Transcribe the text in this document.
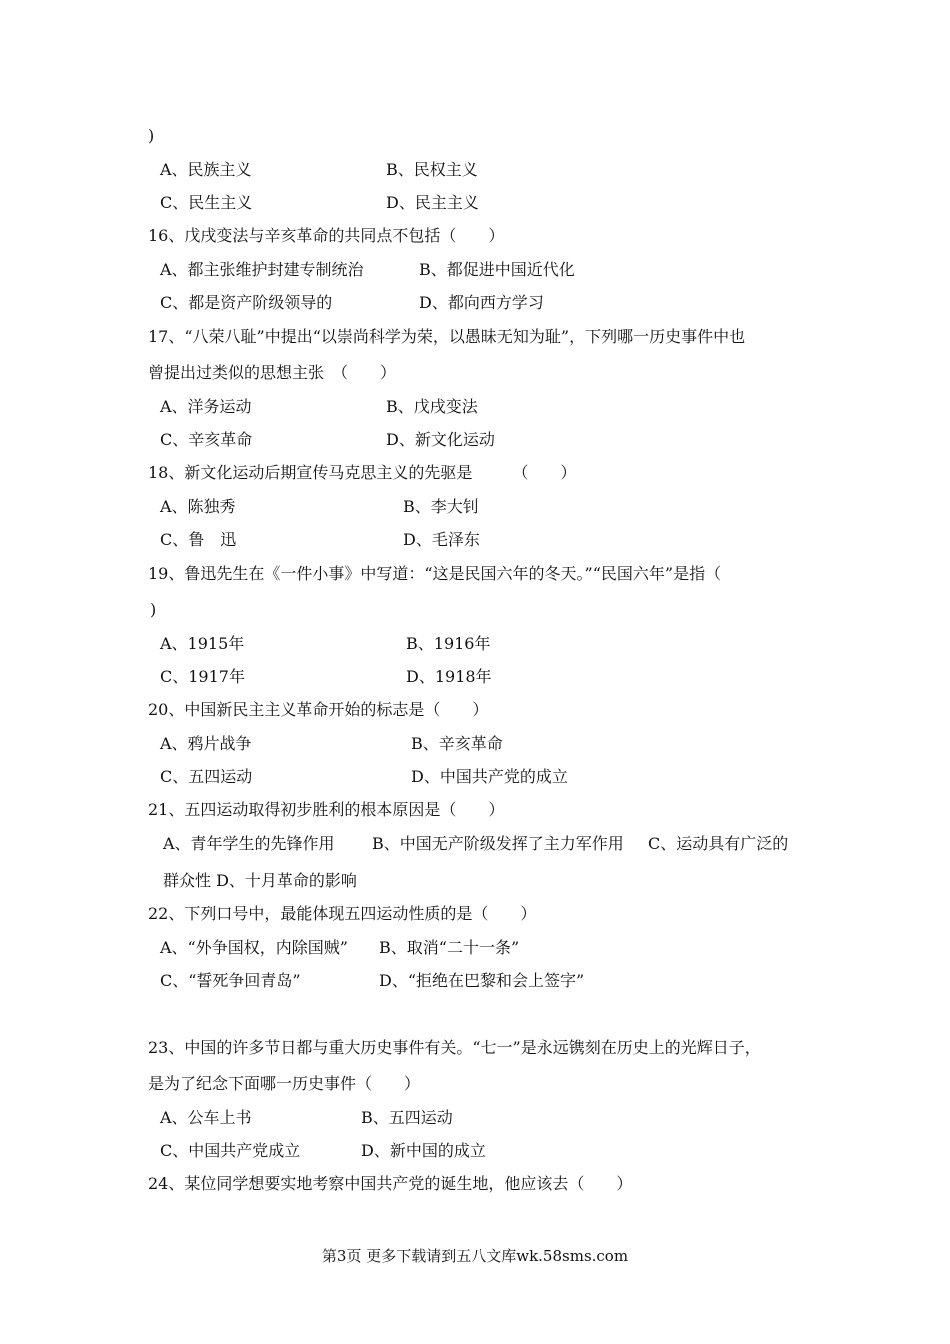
)
A、民族主义	B、民权主义
C、民生主义	D、民主主义
16、戊戌变法与辛亥革命的共同点不包括（　　）
A、都主张维护封建专制统治	B、都促进中国近代化
C、都是资产阶级领导的	D、都向西方学习
17、“八荣八耻”中提出“以崇尚科学为荣，以愚昧无知为耻”，下列哪一历史事件中也
曾提出过类似的思想主张　（　　）
A、洋务运动	B、戊戌变法
C、辛亥革命	D、新文化运动
18、新文化运动后期宣传马克思主义的先驱是　　　（　　）
A、陈独秀	B、李大钊
C、鲁　迅	D、毛泽东
19、鲁迅先生在《一件小事》中写道：“这是民国六年的冬天。”“民国六年”是指（
)
A、1915年	B、1916年
C、1917年	D、1918年
20、中国新民主主义革命开始的标志是（　　）
A、鸦片战争	B、辛亥革命
C、五四运动	D、中国共产党的成立
21、五四运动取得初步胜利的根本原因是（　　）
A、青年学生的先锋作用 B、中国无产阶级发挥了主力军作用 C、运动具有广泛的
群众性 D、十月革命的影响
22、下列口号中，最能体现五四运动性质的是（　　）
A、“外争国权，内除国贼” B、取消“二十一条”
C、“誓死争回青岛”	D、“拒绝在巴黎和会上签字”
23、中国的许多节日都与重大历史事件有关。“七一”是永远镌刻在历史上的光辉日子，
是为了纪念下面哪一历史事件（　　）
A、公车上书	B、五四运动
C、中国共产党成立	D、新中国的成立
24、某位同学想要实地考察中国共产党的诞生地，他应该去（　　）
第3页 更多下载请到五八文库wk.58sms.com
